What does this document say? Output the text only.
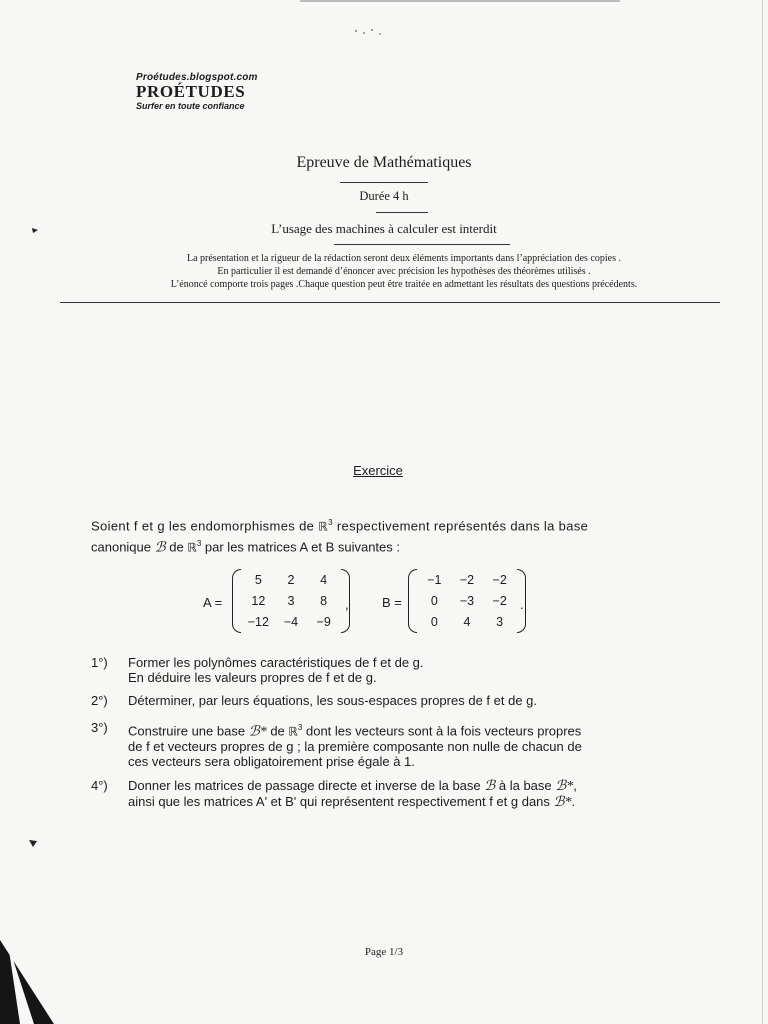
Proétudes.blogspot.com
PROÉTUDES
Surfer en toute confiance
Epreuve de Mathématiques
Durée 4 h
L’usage des machines à calculer est interdit
La présentation et la rigueur de la rédaction seront deux éléments importants dans l’appréciation des copies .
En particulier il est demandé d’énoncer avec précision les hypothèses des théorèmes utilisés .
L’énoncé comporte trois pages .Chaque question peut être traitée en admettant les résultats des questions précédents.
Exercice
Soient f et g les endomorphismes de ℝ$^3$ respectivement représentés dans la base
canonique ℬ de ℝ$^3$ par les matrices A et B suivantes :
A =
5	2	4
12	3	8
−12	−4	−9
,	B =
−1	−2	−2
0	−3	−2
0	4	3
.
1°)	Former les polynômes caractéristiques de f et de g.
En déduire les valeurs propres de f et de g.
2°)	Déterminer, par leurs équations, les sous-espaces propres de f et de g.
3°)	Construire une base ℬ* de ℝ$^3$ dont les vecteurs sont à la fois vecteurs propres
de f et vecteurs propres de g ; la première composante non nulle de chacun de
ces vecteurs sera obligatoirement prise égale à 1.
4°)	Donner les matrices de passage directe et inverse de la base ℬ à la base ℬ*,
ainsi que les matrices A' et B' qui représentent respectivement f et g dans ℬ*.
Page 1/3
